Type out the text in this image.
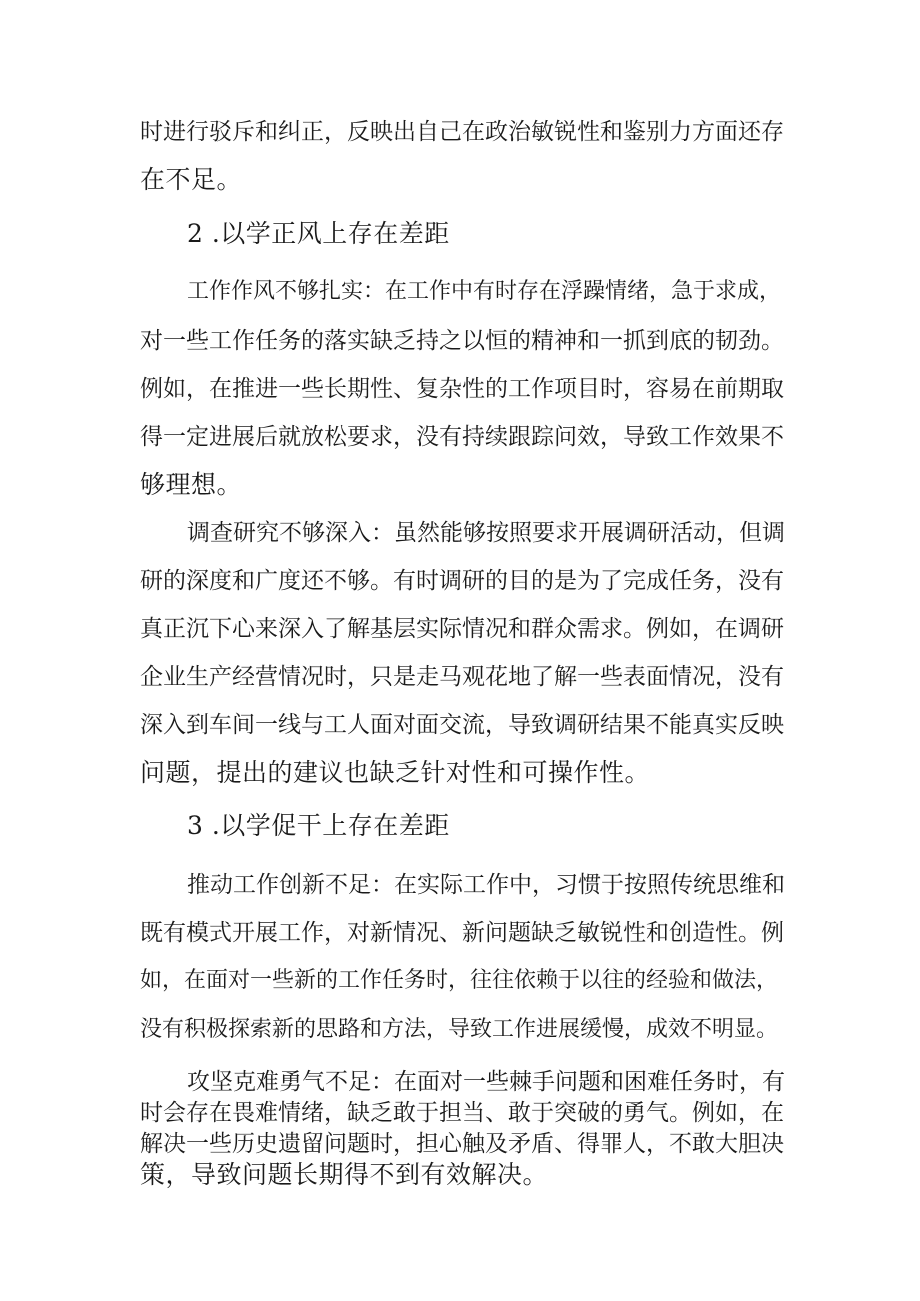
时进行驳斥和纠正，反映出自己在政治敏锐性和鉴别力方面还存
在不足。
2 .以学正风上存在差距
工作作风不够扎实：在工作中有时存在浮躁情绪，急于求成，
对一些工作任务的落实缺乏持之以恒的精神和一抓到底的韧劲。
例如，在推进一些长期性、复杂性的工作项目时，容易在前期取
得一定进展后就放松要求，没有持续跟踪问效，导致工作效果不
够理想。
调查研究不够深入：虽然能够按照要求开展调研活动，但调
研的深度和广度还不够。有时调研的目的是为了完成任务，没有
真正沉下心来深入了解基层实际情况和群众需求。例如，在调研
企业生产经营情况时，只是走马观花地了解一些表面情况，没有
深入到车间一线与工人面对面交流，导致调研结果不能真实反映
问题，提出的建议也缺乏针对性和可操作性。
3 .以学促干上存在差距
推动工作创新不足：在实际工作中，习惯于按照传统思维和
既有模式开展工作，对新情况、新问题缺乏敏锐性和创造性。例
如，在面对一些新的工作任务时，往往依赖于以往的经验和做法，
没有积极探索新的思路和方法，导致工作进展缓慢，成效不明显。
攻坚克难勇气不足：在面对一些棘手问题和困难任务时，有
时会存在畏难情绪，缺乏敢于担当、敢于突破的勇气。例如，在
解决一些历史遗留问题时，担心触及矛盾、得罪人，不敢大胆决
策，导致问题长期得不到有效解决。
